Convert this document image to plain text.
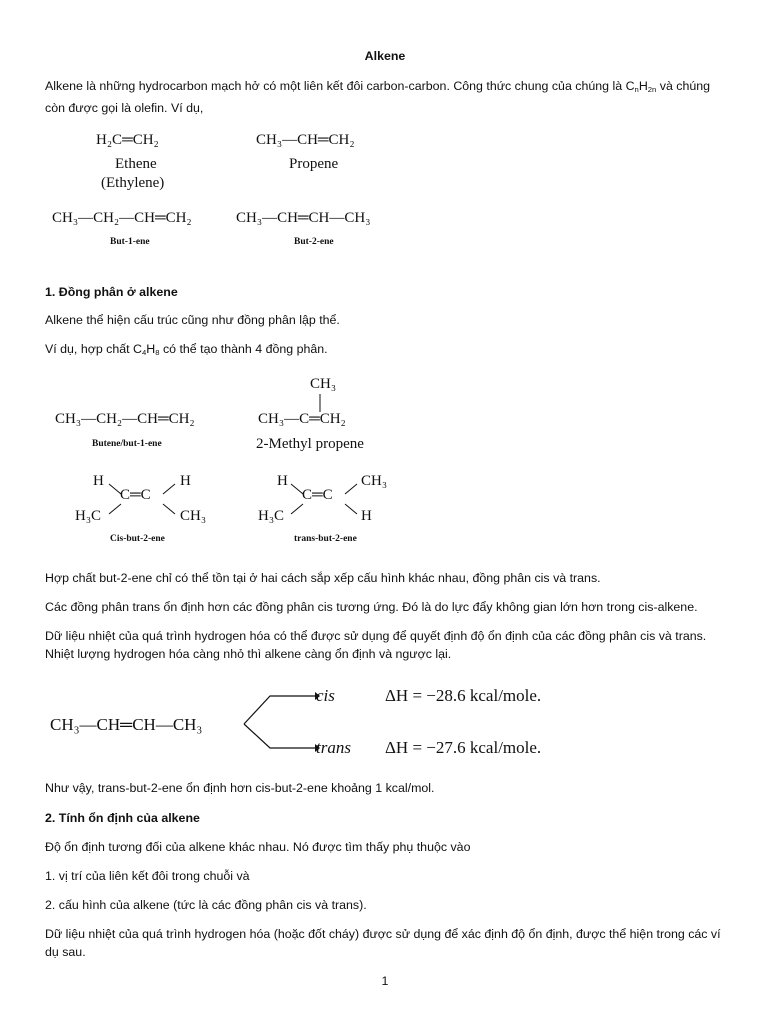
Alkene

Alkene là những hydrocarbon mạch hở có một liên kết đôi carbon-carbon. Công thức chung của chúng là $C_nH_{2n}$ và chúng còn được gọi là olefin. Ví dụ,

H₂C═CH₂
Ethene
(Ethylene)
CH₃—CH═CH₂
Propene
CH₃—CH₂—CH═CH₂
But-1-ene
CH₃—CH═CH—CH₃
But-2-ene
1. Đồng phân ở alkene
Alkene thể hiện cấu trúc cũng như đồng phân lập thể.

Ví dụ, hợp chất $C_4H_8$ có thể tạo thành 4 đồng phân.

CH₃—CH₂—CH═CH₂
Butene/but-1-ene
CH₃
CH₃—C═CH₂
2-Methyl propene
H	H
C═C
H₃C	CH₃
Cis-but-2-ene
H	CH₃
C═C
H₃C	H
trans-but-2-ene
Hợp chất but-2-ene chỉ có thể tồn tại ở hai cách sắp xếp cấu hình khác nhau, đồng phân cis và trans.
Các đồng phân trans ổn định hơn các đồng phân cis tương ứng. Đó là do lực đẩy không gian lớn hơn trong cis-alkene.
Dữ liệu nhiệt của quá trình hydrogen hóa có thể được sử dụng để quyết định độ ổn định của các đồng phân cis và trans. Nhiệt lượng hydrogen hóa càng nhỏ thì alkene càng ổn định và ngược lại.
CH₃—CH═CH—CH₃
cis
trans
ΔH = −28.6 kcal/mole.
ΔH = −27.6 kcal/mole.
Như vậy, trans-but-2-ene ổn định hơn cis-but-2-ene khoảng 1 kcal/mol.
2. Tính ổn định của alkene
Độ ổn định tương đối của alkene khác nhau. Nó được tìm thấy phụ thuộc vào
1. vị trí của liên kết đôi trong chuỗi và
2. cấu hình của alkene (tức là các đồng phân cis và trans).
Dữ liệu nhiệt của quá trình hydrogen hóa (hoặc đốt cháy) được sử dụng để xác định độ ổn định, được thể hiện trong các ví dụ sau.
1
